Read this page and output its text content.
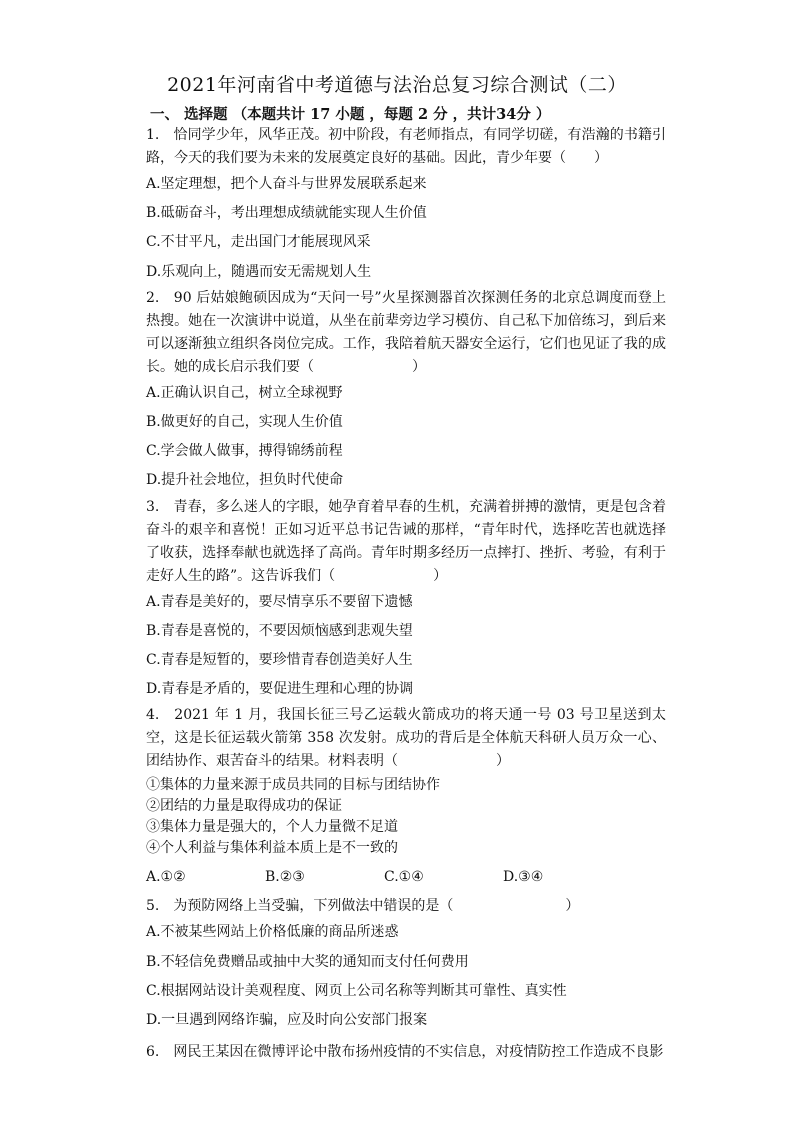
2021年河南省中考道德与法治总复习综合测试（二）
一、 选择题 （本题共计 17 小题 ，每题 2 分 ，共计34分 ）

1.　恰同学少年，风华正茂。初中阶段，有老师指点，有同学切磋，有浩瀚的书籍引路，今天的我们要为未来的发展奠定良好的基础。因此，青少年要（　　）

A.坚定理想，把个人奋斗与世界发展联系起来

B.砥砺奋斗，考出理想成绩就能实现人生价值

C.不甘平凡，走出国门才能展现风采

D.乐观向上，随遇而安无需规划人生

2.　90 后姑娘鲍硕因成为“天问一号”火星探测器首次探测任务的北京总调度而登上热搜。她在一次演讲中说道，从坐在前辈旁边学习模仿、自己私下加倍练习，到后来可以逐渐独立组织各岗位完成。工作，我陪着航天器安全运行，它们也见证了我的成长。她的成长启示我们要（　　　　　　　）

A.正确认识自己，树立全球视野

B.做更好的自己，实现人生价值

C.学会做人做事，搏得锦绣前程

D.提升社会地位，担负时代使命

3.　青春，多么迷人的字眼，她孕育着早春的生机，充满着拼搏的激情，更是包含着奋斗的艰辛和喜悦！正如习近平总书记告诫的那样，“青年时代，选择吃苦也就选择了收获，选择奉献也就选择了高尚。青年时期多经历一点摔打、挫折、考验，有利于走好人生的路”。这告诉我们（　　　　　　　）

A.青春是美好的，要尽情享乐不要留下遗憾

B.青春是喜悦的，不要因烦恼感到悲观失望

C.青春是短暂的，要珍惜青春创造美好人生

D.青春是矛盾的，要促进生理和心理的协调

4.　2021 年 1 月，我国长征三号乙运载火箭成功的将天通一号 03 号卫星送到太空，这是长征运载火箭第 358 次发射。成功的背后是全体航天科研人员万众一心、团结协作、艰苦奋斗的结果。材料表明（　　　　　　　）

①集体的力量来源于成员共同的目标与团结协作

②团结的力量是取得成功的保证

③集体力量是强大的，个人力量微不足道

④个人利益与集体利益本质上是不一致的

A.①②	B.②③	C.①④	D.③④

5.　为预防网络上当受骗，下列做法中错误的是（　　　　　　　　）

A.不被某些网站上价格低廉的商品所迷惑

B.不轻信免费赠品或抽中大奖的通知而支付任何费用

C.根据网站设计美观程度、网页上公司名称等判断其可靠性、真实性

D.一旦遇到网络诈骗，应及时向公安部门报案

6.　网民王某因在微博评论中散布扬州疫情的不实信息，对疫情防控工作造成不良影
